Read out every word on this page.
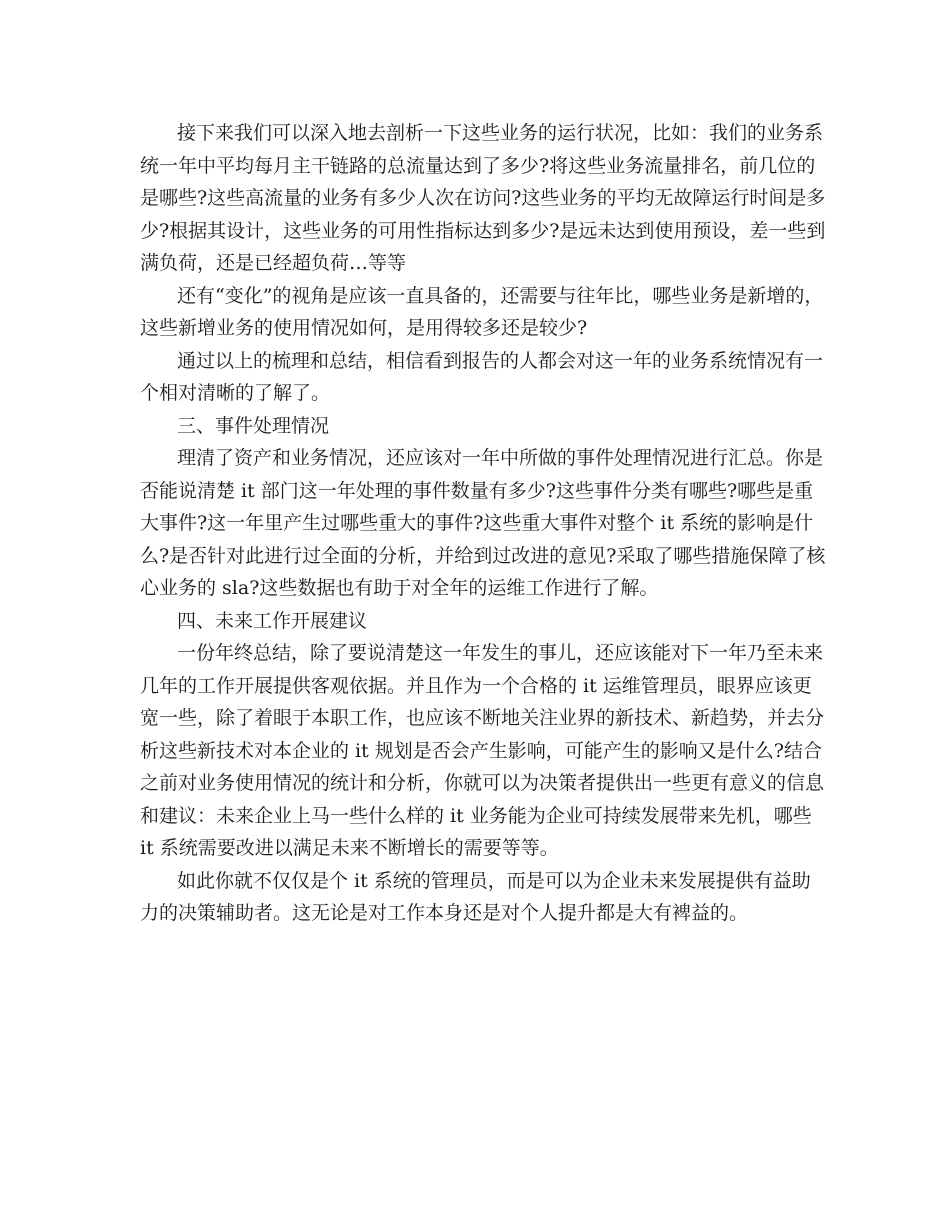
接下来我们可以深入地去剖析一下这些业务的运行状况，比如：我们的业务系
统一年中平均每月主干链路的总流量达到了多少?将这些业务流量排名，前几位的
是哪些?这些高流量的业务有多少人次在访问?这些业务的平均无故障运行时间是多
少?根据其设计，这些业务的可用性指标达到多少?是远未达到使用预设，差一些到
满负荷，还是已经超负荷…等等
还有“变化”的视角是应该一直具备的，还需要与往年比，哪些业务是新增的，
这些新增业务的使用情况如何，是用得较多还是较少?
通过以上的梳理和总结，相信看到报告的人都会对这一年的业务系统情况有一
个相对清晰的了解了。
三、事件处理情况
理清了资产和业务情况，还应该对一年中所做的事件处理情况进行汇总。你是
否能说清楚 it 部门这一年处理的事件数量有多少?这些事件分类有哪些?哪些是重
大事件?这一年里产生过哪些重大的事件?这些重大事件对整个 it 系统的影响是什
么?是否针对此进行过全面的分析，并给到过改进的意见?采取了哪些措施保障了核
心业务的 sla?这些数据也有助于对全年的运维工作进行了解。
四、未来工作开展建议
一份年终总结，除了要说清楚这一年发生的事儿，还应该能对下一年乃至未来
几年的工作开展提供客观依据。并且作为一个合格的 it 运维管理员，眼界应该更
宽一些，除了着眼于本职工作，也应该不断地关注业界的新技术、新趋势，并去分
析这些新技术对本企业的 it 规划是否会产生影响，可能产生的影响又是什么?结合
之前对业务使用情况的统计和分析，你就可以为决策者提供出一些更有意义的信息
和建议：未来企业上马一些什么样的 it 业务能为企业可持续发展带来先机，哪些
it 系统需要改进以满足未来不断增长的需要等等。
如此你就不仅仅是个 it 系统的管理员，而是可以为企业未来发展提供有益助
力的决策辅助者。这无论是对工作本身还是对个人提升都是大有裨益的。
